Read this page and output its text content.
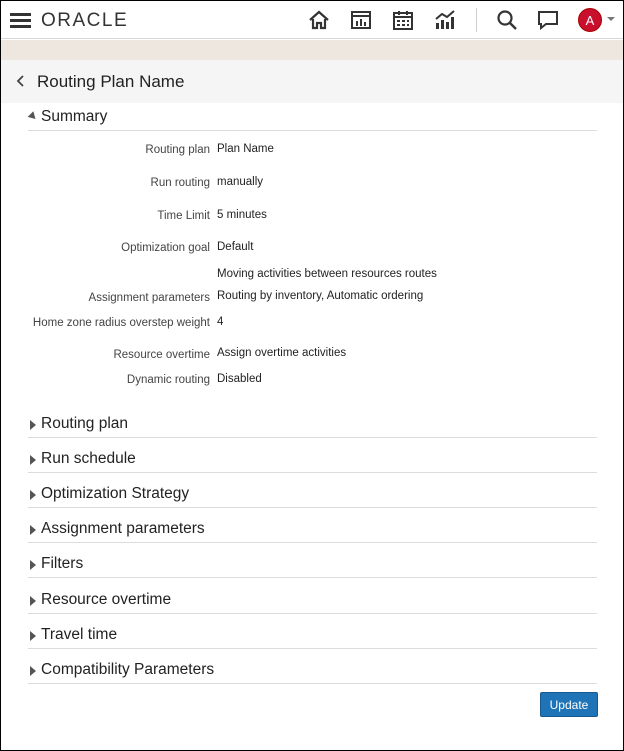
ORACLE	A
Routing Plan Name
Summary
Routing plan Plan Name
Run routing manually
Time Limit 5 minutes
Optimization goal Default
Moving activities between resources routes
Assignment parameters Routing by inventory, Automatic ordering
Home zone radius overstep weight 4
Resource overtime Assign overtime activities
Dynamic routing Disabled
Routing plan
Run schedule
Optimization Strategy
Assignment parameters
Filters
Resource overtime
Travel time
Compatibility Parameters
Update
